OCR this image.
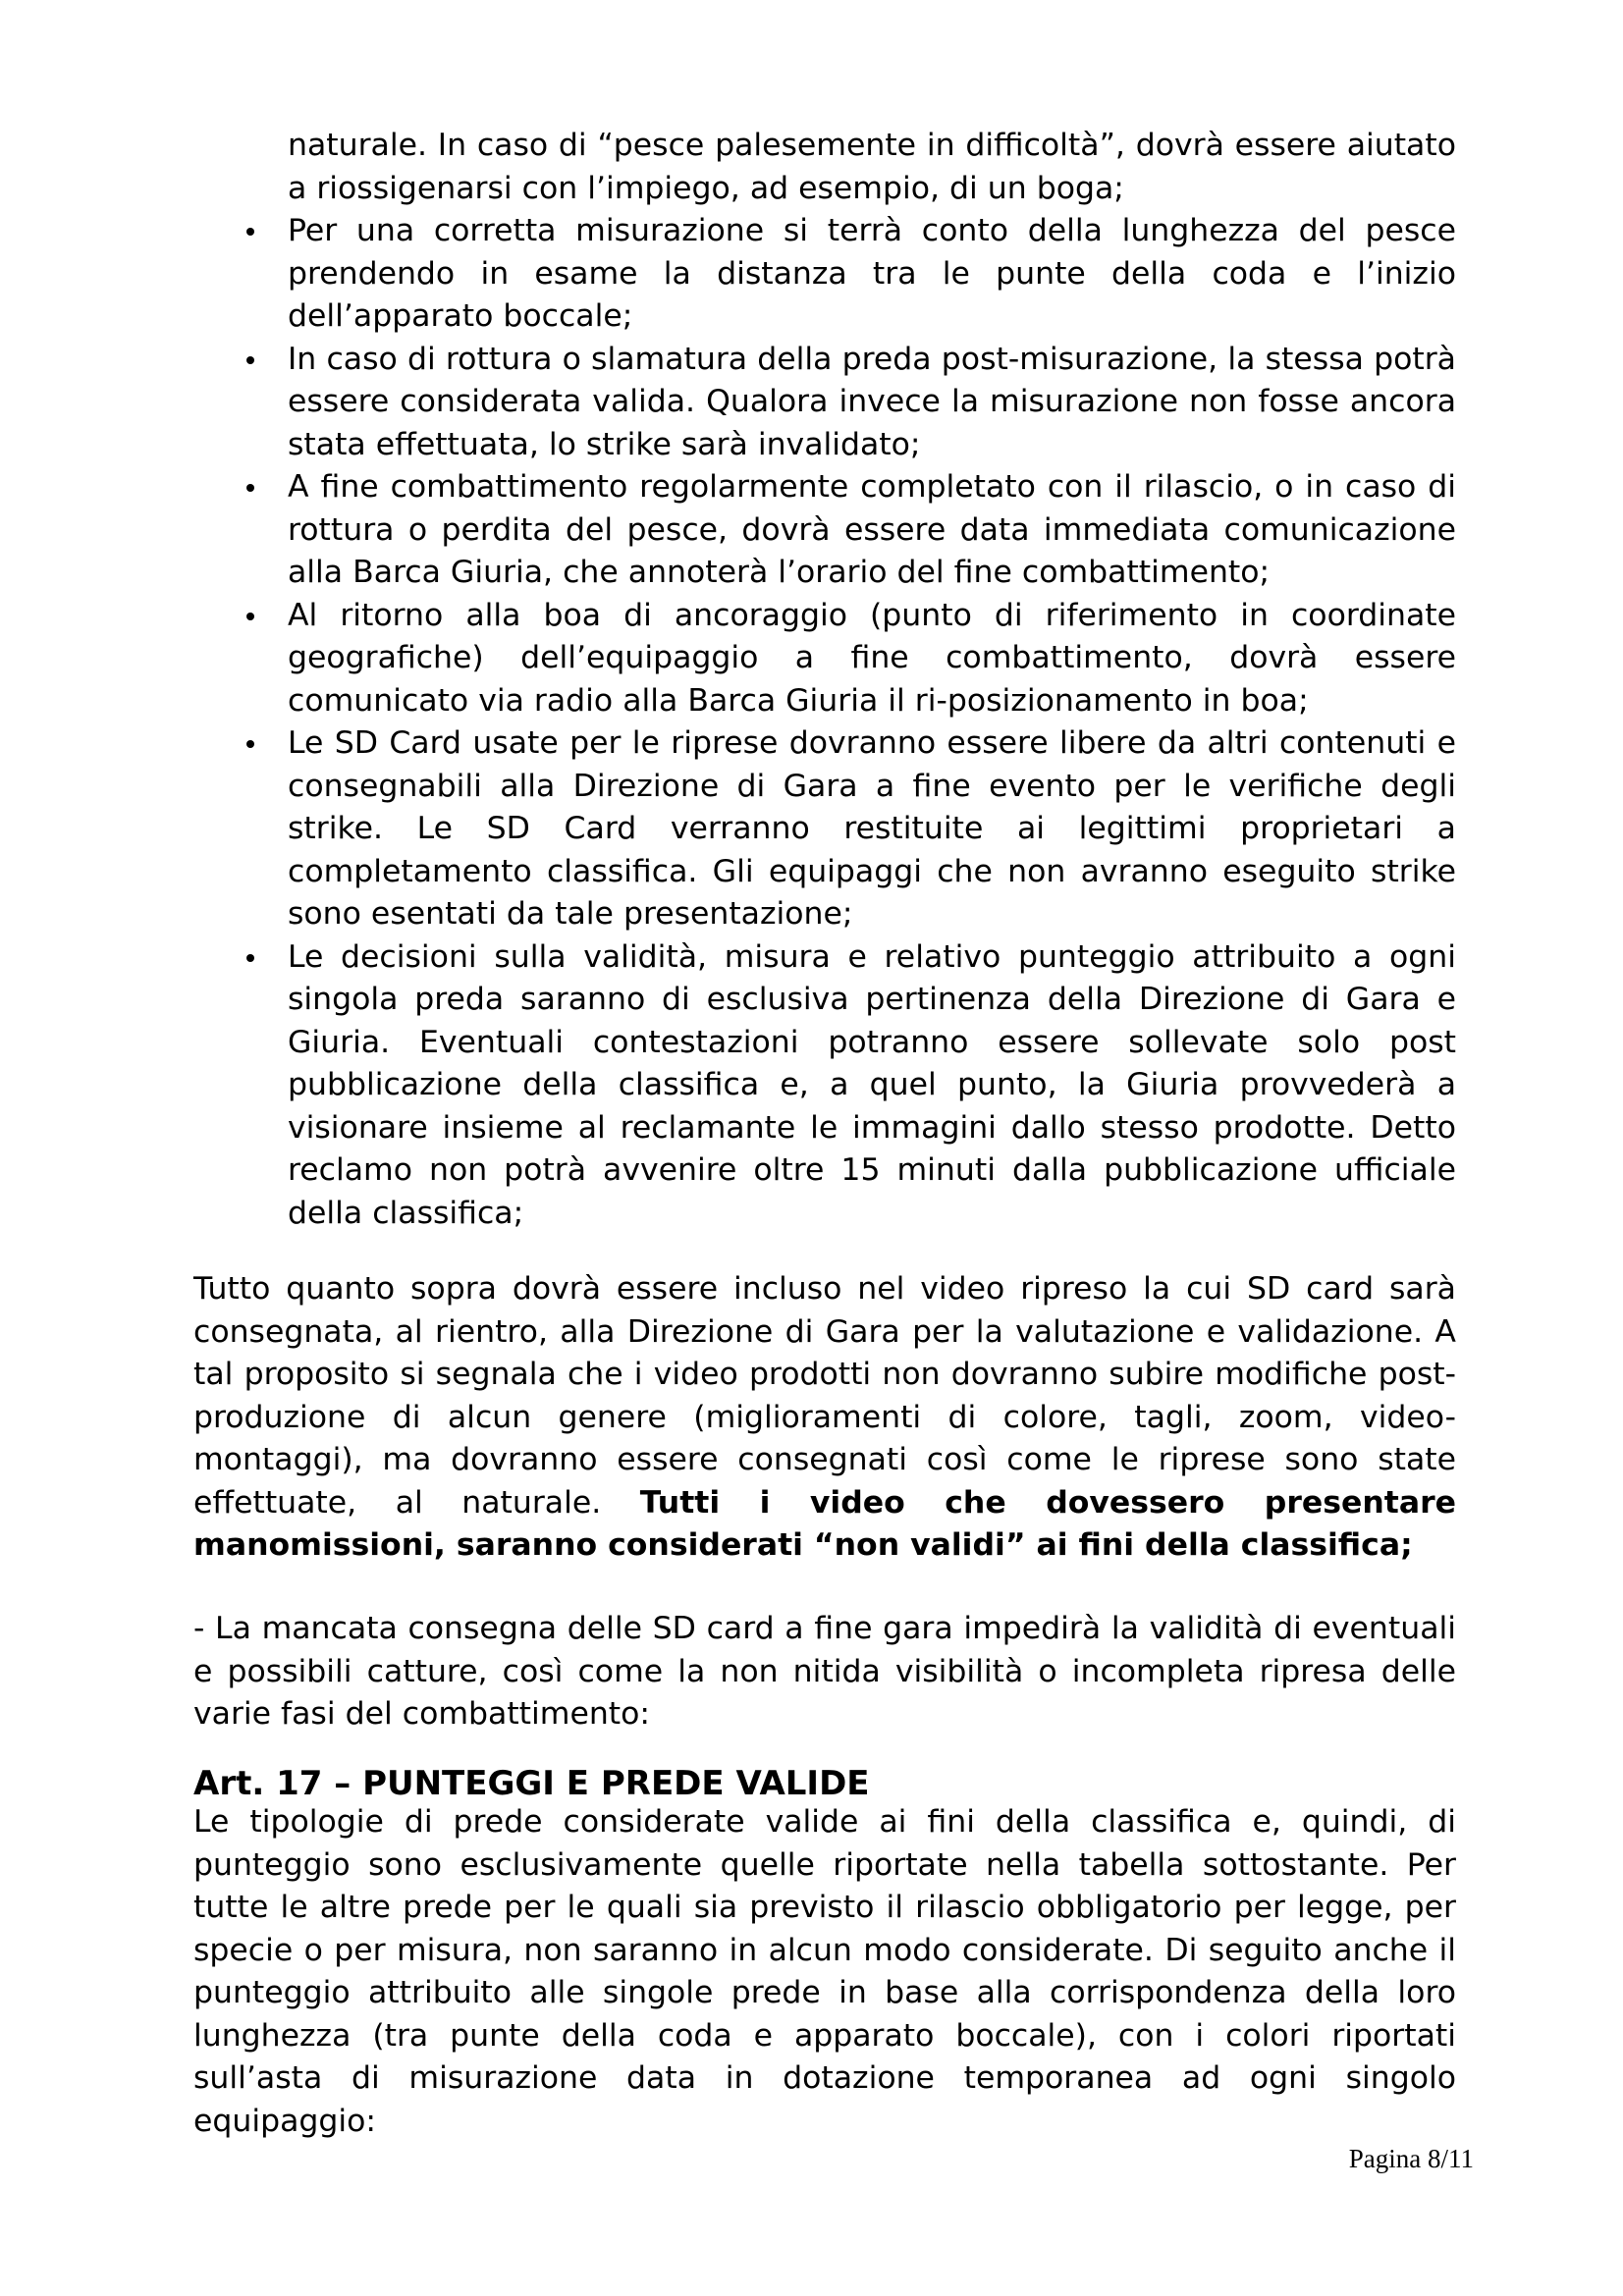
naturale. In caso di “pesce palesemente in difficoltà”, dovrà essere aiutato a riossigenarsi con l’impiego, ad esempio, di un boga;
Per una corretta misurazione si terrà conto della lunghezza del pesce prendendo in esame la distanza tra le punte della coda e l’inizio dell’apparato boccale;
In caso di rottura o slamatura della preda post-misurazione, la stessa potrà essere considerata valida. Qualora invece la misurazione non fosse ancora stata effettuata, lo strike sarà invalidato;
A fine combattimento regolarmente completato con il rilascio, o in caso di rottura o perdita del pesce, dovrà essere data immediata comunicazione alla Barca Giuria, che annoterà l’orario del fine combattimento;
Al ritorno alla boa di ancoraggio (punto di riferimento in coordinate geografiche) dell’equipaggio a fine combattimento, dovrà essere comunicato via radio alla Barca Giuria il ri-posizionamento in boa;
Le SD Card usate per le riprese dovranno essere libere da altri contenuti e consegnabili alla Direzione di Gara a fine evento per le verifiche degli strike. Le SD Card verranno restituite ai legittimi proprietari a completamento classifica. Gli equipaggi che non avranno eseguito strike sono esentati da tale presentazione;
Le decisioni sulla validità, misura e relativo punteggio attribuito a ogni singola preda saranno di esclusiva pertinenza della Direzione di Gara e Giuria. Eventuali contestazioni potranno essere sollevate solo post pubblicazione della classifica e, a quel punto, la Giuria provvederà a visionare insieme al reclamante le immagini dallo stesso prodotte. Detto reclamo non potrà avvenire oltre 15 minuti dalla pubblicazione ufficiale della classifica;

Tutto quanto sopra dovrà essere incluso nel video ripreso la cui SD card sarà consegnata, al rientro, alla Direzione di Gara per la valutazione e validazione. A tal proposito si segnala che i video prodotti non dovranno subire modifiche post-produzione di alcun genere (miglioramenti di colore, tagli, zoom, video-montaggi), ma dovranno essere consegnati così come le riprese sono state effettuate, al naturale. Tutti i video che dovessero presentare manomissioni, saranno considerati “non validi” ai fini della classifica;

- La mancata consegna delle SD card a fine gara impedirà la validità di eventuali e possibili catture, così come la non nitida visibilità o incompleta ripresa delle varie fasi del combattimento:

Art. 17 – PUNTEGGI E PREDE VALIDE

Le tipologie di prede considerate valide ai fini della classifica e, quindi, di punteggio sono esclusivamente quelle riportate nella tabella sottostante. Per tutte le altre prede per le quali sia previsto il rilascio obbligatorio per legge, per specie o per misura, non saranno in alcun modo considerate. Di seguito anche il punteggio attribuito alle singole prede in base alla corrispondenza della loro lunghezza (tra punte della coda e apparato boccale), con i colori riportati sull’asta di misurazione data in dotazione temporanea ad ogni singolo equipaggio:

Pagina 8/11
